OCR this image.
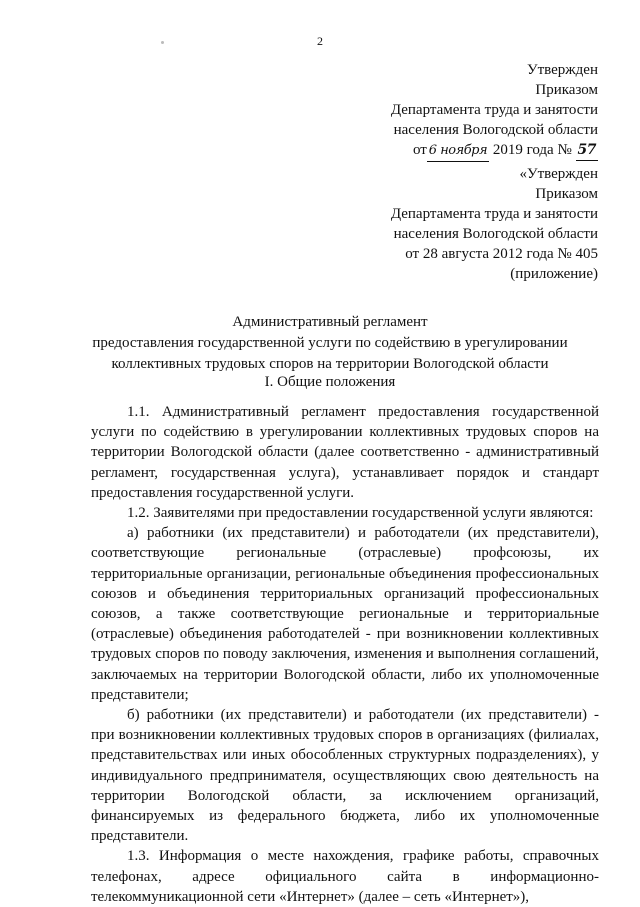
2
Утвержден
Приказом
Департамента труда и занятости
населения Вологодской области
от 6 ноября 2019 года № 57
«Утвержден
Приказом
Департамента труда и занятости
населения Вологодской области
от 28 августа 2012 года № 405
(приложение)
Административный регламент
предоставления государственной услуги по содействию в урегулировании
коллективных трудовых споров на территории Вологодской области
I. Общие положения

1.1. Административный регламент предоставления государственной услуги по содействию в урегулировании коллективных трудовых споров на территории Вологодской области (далее соответственно - административный регламент, государственная услуга), устанавливает порядок и стандарт предоставления государственной услуги.

1.2. Заявителями при предоставлении государственной услуги являются:

а) работники (их представители) и работодатели (их представители), соответствующие региональные (отраслевые) профсоюзы, их территориальные организации, региональные объединения профессиональных союзов и объединения территориальных организаций профессиональных союзов, а также соответствующие региональные и территориальные (отраслевые) объединения работодателей - при возникновении коллективных трудовых споров по поводу заключения, изменения и выполнения соглашений, заключаемых на территории Вологодской области, либо их уполномоченные представители;

б) работники (их представители) и работодатели (их представители) - при возникновении коллективных трудовых споров в организациях (филиалах, представительствах или иных обособленных структурных подразделениях), у индивидуального предпринимателя, осуществляющих свою деятельность на территории Вологодской области, за исключением организаций, финансируемых из федерального бюджета, либо их уполномоченные представители.

1.3. Информация о месте нахождения, графике работы, справочных телефонах, адресе официального сайта в информационно-телекоммуникационной сети «Интернет» (далее – сеть «Интернет»),
